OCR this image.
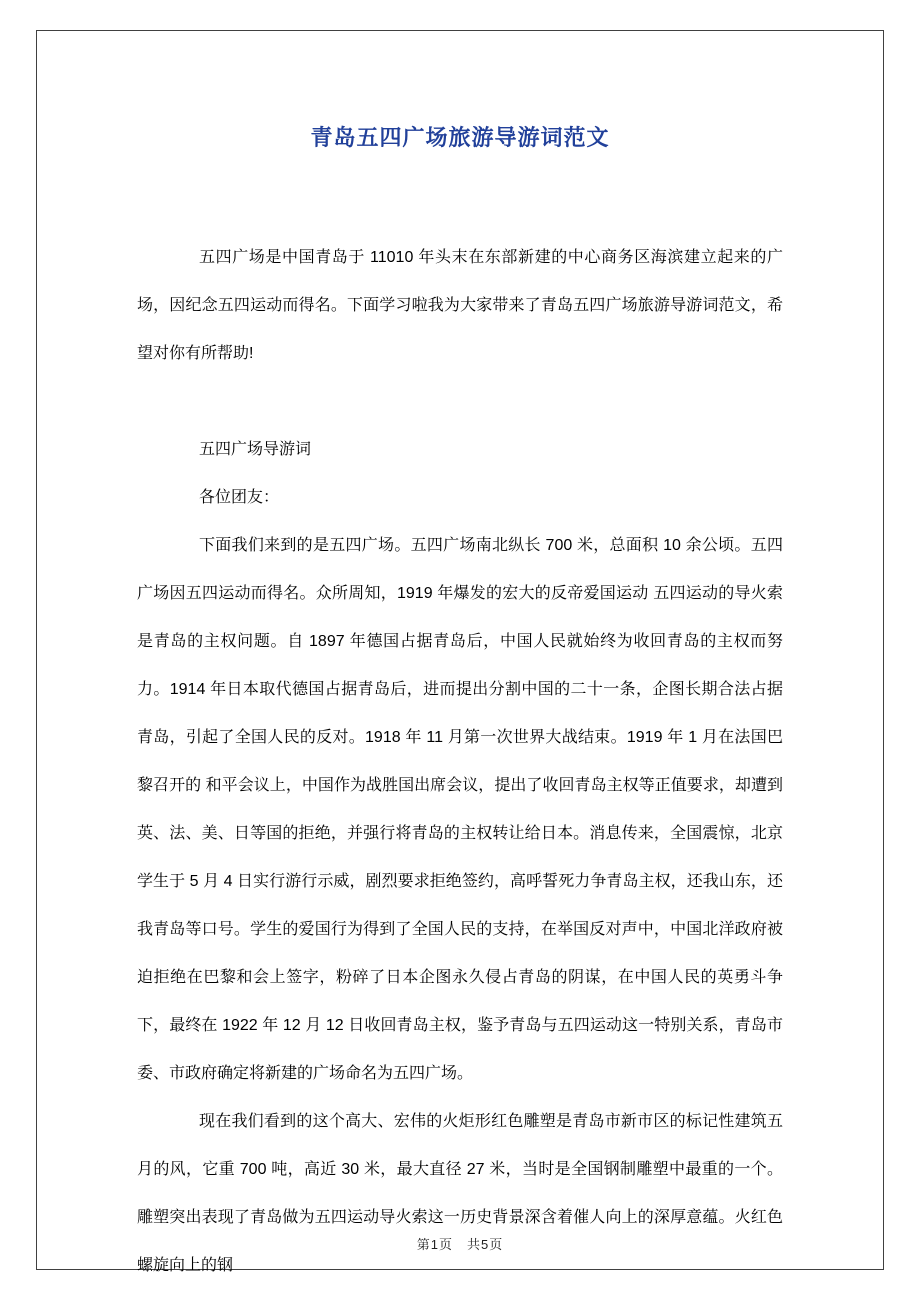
青岛五四广场旅游导游词范文

五四广场是中国青岛于 11010 年头末在东部新建的中心商务区海滨建立起来的广场，因纪念五四运动而得名。下面学习啦我为大家带来了青岛五四广场旅游导游词范文，希望对你有所帮助!

五四广场导游词

各位团友：

下面我们来到的是五四广场。五四广场南北纵长 700 米，总面积 10 余公顷。五四广场因五四运动而得名。众所周知，1919 年爆发的宏大的反帝爱国运动 五四运动的导火索是青岛的主权问题。自 1897 年德国占据青岛后，中国人民就始终为收回青岛的主权而努力。1914 年日本取代德国占据青岛后，进而提出分割中国的二十一条，企图长期合法占据青岛，引起了全国人民的反对。1918 年 11 月第一次世界大战结束。1919 年 1 月在法国巴黎召开的 和平会议上，中国作为战胜国出席会议，提出了收回青岛主权等正值要求，却遭到英、法、美、日等国的拒绝，并强行将青岛的主权转让给日本。消息传来，全国震惊，北京学生于 5 月 4 日实行游行示威，剧烈要求拒绝签约，高呼誓死力争青岛主权，还我山东，还我青岛等口号。学生的爱国行为得到了全国人民的支持，在举国反对声中，中国北洋政府被迫拒绝在巴黎和会上签字，粉碎了日本企图永久侵占青岛的阴谋，在中国人民的英勇斗争下，最终在 1922 年 12 月 12 日收回青岛主权，鉴予青岛与五四运动这一特别关系，青岛市委、市政府确定将新建的广场命名为五四广场。

现在我们看到的这个高大、宏伟的火炬形红色雕塑是青岛市新市区的标记性建筑五月的风，它重 700 吨，高近 30 米，最大直径 27 米，当时是全国钢制雕塑中最重的一个。雕塑突出表现了青岛做为五四运动导火索这一历史背景深含着催人向上的深厚意蕴。火红色螺旋向上的钢

第1页　共5页
